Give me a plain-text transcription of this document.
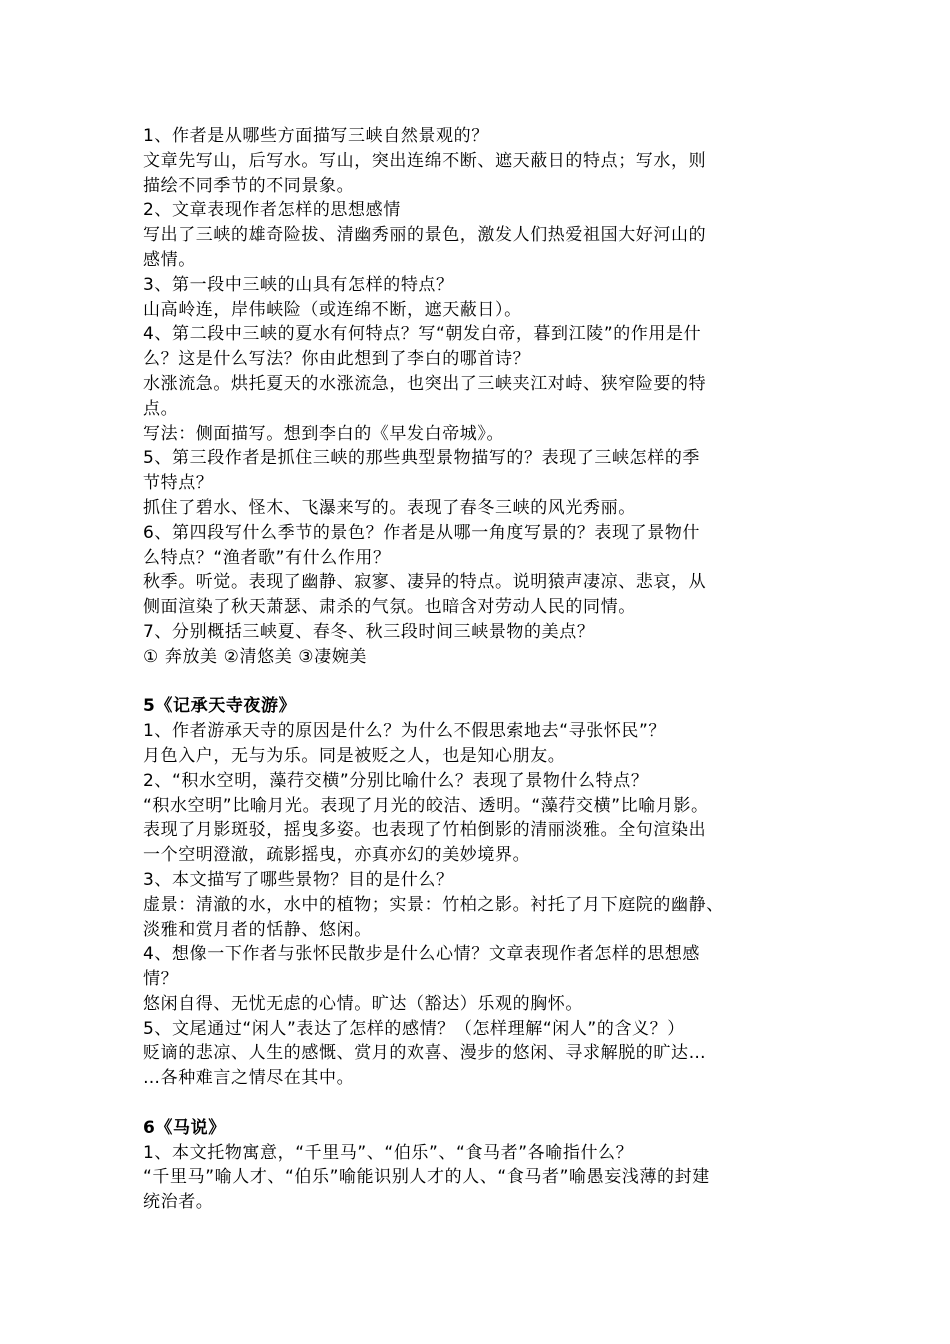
1、作者是从哪些方面描写三峡自然景观的？
文章先写山，后写水。写山，突出连绵不断、遮天蔽日的特点；写水，则
描绘不同季节的不同景象。
2、文章表现作者怎样的思想感情
写出了三峡的雄奇险拔、清幽秀丽的景色，激发人们热爱祖国大好河山的
感情。
3、第一段中三峡的山具有怎样的特点？
山高岭连，岸伟峡险（或连绵不断，遮天蔽日）。
4、第二段中三峡的夏水有何特点？写“朝发白帝，暮到江陵”的作用是什
么？这是什么写法？你由此想到了李白的哪首诗？
水涨流急。烘托夏天的水涨流急，也突出了三峡夹江对峙、狭窄险要的特
点。
写法：侧面描写。想到李白的《早发白帝城》。
5、第三段作者是抓住三峡的那些典型景物描写的？表现了三峡怎样的季
节特点？
抓住了碧水、怪木、飞瀑来写的。表现了春冬三峡的风光秀丽。
6、第四段写什么季节的景色？作者是从哪一角度写景的？表现了景物什
么特点？“渔者歌”有什么作用？
秋季。听觉。表现了幽静、寂寥、凄异的特点。说明猿声凄凉、悲哀，从
侧面渲染了秋天萧瑟、肃杀的气氛。也暗含对劳动人民的同情。
7、分别概括三峡夏、春冬、秋三段时间三峡景物的美点？
① 奔放美 ②清悠美 ③凄婉美
5《记承天寺夜游》
1、作者游承天寺的原因是什么？为什么不假思索地去“寻张怀民”？
月色入户，无与为乐。同是被贬之人，也是知心朋友。
2、“积水空明，藻荇交横”分别比喻什么？表现了景物什么特点？
“积水空明”比喻月光。表现了月光的皎洁、透明。“藻荇交横”比喻月影。
表现了月影斑驳，摇曳多姿。也表现了竹柏倒影的清丽淡雅。全句渲染出
一个空明澄澈，疏影摇曳，亦真亦幻的美妙境界。
3、本文描写了哪些景物？目的是什么？
虚景：清澈的水，水中的植物；实景：竹柏之影。衬托了月下庭院的幽静、
淡雅和赏月者的恬静、悠闲。
4、想像一下作者与张怀民散步是什么心情？文章表现作者怎样的思想感
情？
悠闲自得、无忧无虑的心情。旷达（豁达）乐观的胸怀。
5、文尾通过“闲人”表达了怎样的感情？（怎样理解“闲人”的含义？）
贬谪的悲凉、人生的感慨、赏月的欢喜、漫步的悠闲、寻求解脱的旷达…
…各种难言之情尽在其中。
6《马说》
1、本文托物寓意，“千里马”、“伯乐”、“食马者”各喻指什么？
“千里马”喻人才、“伯乐”喻能识别人才的人、“食马者”喻愚妄浅薄的封建
统治者。
